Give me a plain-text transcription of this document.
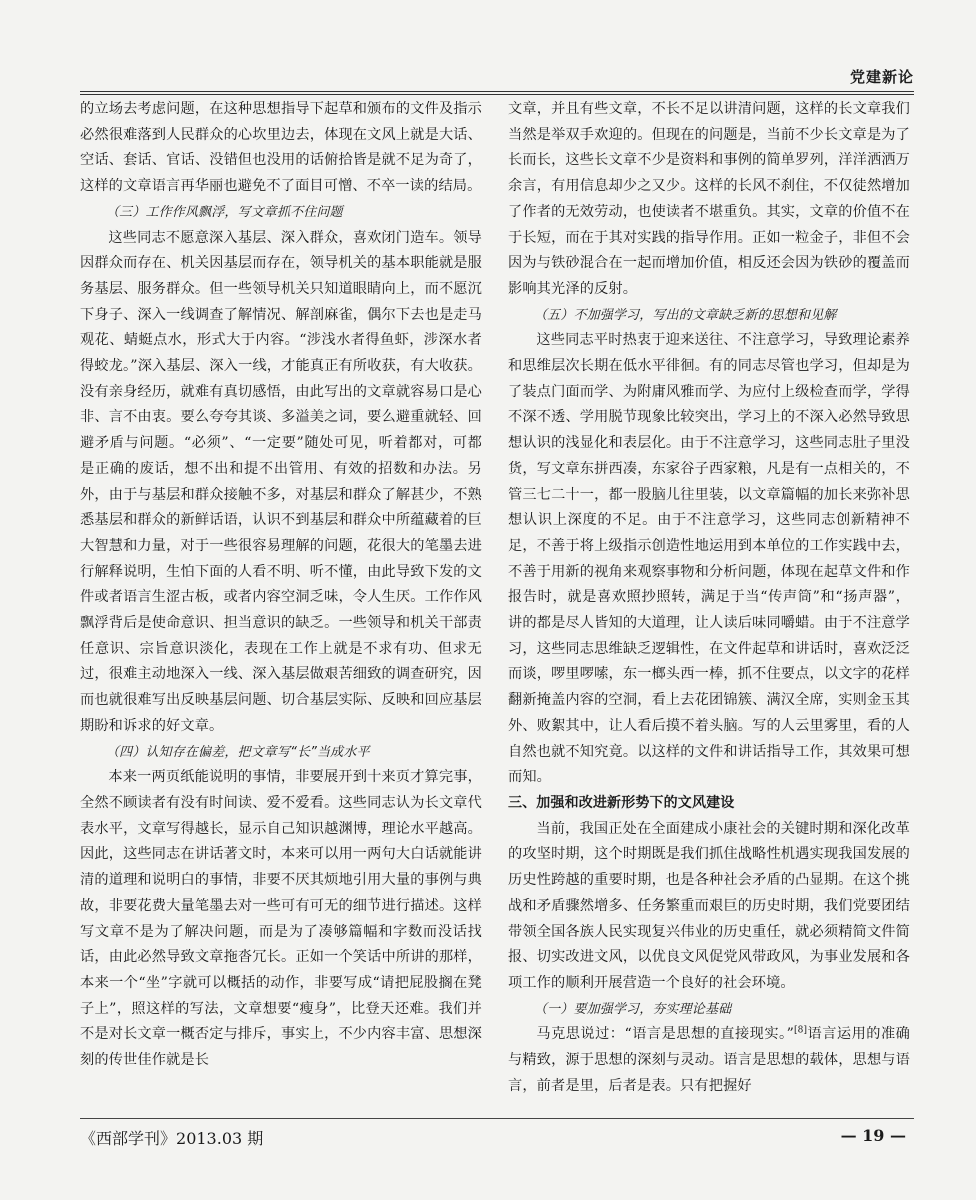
党建新论

的立场去考虑问题，在这种思想指导下起草和颁布的文件及指示必然很难落到人民群众的心坎里边去，体现在文风上就是大话、空话、套话、官话、没错但也没用的话俯拾皆是就不足为奇了，这样的文章语言再华丽也避免不了面目可憎、不卒一读的结局。

（三）工作作风飘浮，写文章抓不住问题

这些同志不愿意深入基层、深入群众，喜欢闭门造车。领导因群众而存在、机关因基层而存在，领导机关的基本职能就是服务基层、服务群众。但一些领导机关只知道眼睛向上，而不愿沉下身子、深入一线调查了解情况、解剖麻雀，偶尔下去也是走马观花、蜻蜓点水，形式大于内容。“涉浅水者得鱼虾，涉深水者得蛟龙。”深入基层、深入一线，才能真正有所收获，有大收获。没有亲身经历，就难有真切感悟，由此写出的文章就容易口是心非、言不由衷。要么夸夸其谈、多溢美之词，要么避重就轻、回避矛盾与问题。“必须”、“一定要”随处可见，听着都对，可都是正确的废话，想不出和提不出管用、有效的招数和办法。另外，由于与基层和群众接触不多，对基层和群众了解甚少，不熟悉基层和群众的新鲜话语，认识不到基层和群众中所蕴藏着的巨大智慧和力量，对于一些很容易理解的问题，花很大的笔墨去进行解释说明，生怕下面的人看不明、听不懂，由此导致下发的文件或者语言生涩古板，或者内容空洞乏味，令人生厌。工作作风飘浮背后是使命意识、担当意识的缺乏。一些领导和机关干部责任意识、宗旨意识淡化，表现在工作上就是不求有功、但求无过，很难主动地深入一线、深入基层做艰苦细致的调查研究，因而也就很难写出反映基层问题、切合基层实际、反映和回应基层期盼和诉求的好文章。

（四）认知存在偏差，把文章写“长”当成水平

本来一两页纸能说明的事情，非要展开到十来页才算完事，全然不顾读者有没有时间读、爱不爱看。这些同志认为长文章代表水平，文章写得越长，显示自己知识越渊博，理论水平越高。因此，这些同志在讲话著文时，本来可以用一两句大白话就能讲清的道理和说明白的事情，非要不厌其烦地引用大量的事例与典故，非要花费大量笔墨去对一些可有可无的细节进行描述。这样写文章不是为了解决问题，而是为了凑够篇幅和字数而没话找话，由此必然导致文章拖沓冗长。正如一个笑话中所讲的那样，本来一个“坐”字就可以概括的动作，非要写成“请把屁股搁在凳子上”，照这样的写法，文章想要“瘦身”，比登天还难。我们并不是对长文章一概否定与排斥，事实上，不少内容丰富、思想深刻的传世佳作就是长

文章，并且有些文章，不长不足以讲清问题，这样的长文章我们当然是举双手欢迎的。但现在的问题是，当前不少长文章是为了长而长，这些长文章不少是资料和事例的简单罗列，洋洋洒洒万余言，有用信息却少之又少。这样的长风不刹住，不仅徒然增加了作者的无效劳动，也使读者不堪重负。其实，文章的价值不在于长短，而在于其对实践的指导作用。正如一粒金子，非但不会因为与铁砂混合在一起而增加价值，相反还会因为铁砂的覆盖而影响其光泽的反射。

（五）不加强学习，写出的文章缺乏新的思想和见解

这些同志平时热衷于迎来送往、不注意学习，导致理论素养和思维层次长期在低水平徘徊。有的同志尽管也学习，但却是为了装点门面而学、为附庸风雅而学、为应付上级检查而学，学得不深不透、学用脱节现象比较突出，学习上的不深入必然导致思想认识的浅显化和表层化。由于不注意学习，这些同志肚子里没货，写文章东拼西凑，东家谷子西家粮，凡是有一点相关的，不管三七二十一，都一股脑儿往里装，以文章篇幅的加长来弥补思想认识上深度的不足。由于不注意学习，这些同志创新精神不足，不善于将上级指示创造性地运用到本单位的工作实践中去，不善于用新的视角来观察事物和分析问题，体现在起草文件和作报告时，就是喜欢照抄照转，满足于当“传声筒”和“扬声器”，讲的都是尽人皆知的大道理，让人读后味同嚼蜡。由于不注意学习，这些同志思维缺乏逻辑性，在文件起草和讲话时，喜欢泛泛而谈，啰里啰嗦，东一榔头西一棒，抓不住要点，以文字的花样翻新掩盖内容的空洞，看上去花团锦簇、满汉全席，实则金玉其外、败絮其中，让人看后摸不着头脑。写的人云里雾里，看的人自然也就不知究竟。以这样的文件和讲话指导工作，其效果可想而知。

三、加强和改进新形势下的文风建设

当前，我国正处在全面建成小康社会的关键时期和深化改革的攻坚时期，这个时期既是我们抓住战略性机遇实现我国发展的历史性跨越的重要时期，也是各种社会矛盾的凸显期。在这个挑战和矛盾骤然增多、任务繁重而艰巨的历史时期，我们党要团结带领全国各族人民实现复兴伟业的历史重任，就必须精简文件简报、切实改进文风，以优良文风促党风带政风，为事业发展和各项工作的顺利开展营造一个良好的社会环境。

（一）要加强学习，夯实理论基础

马克思说过：“语言是思想的直接现实。”[8]语言运用的准确与精致，源于思想的深刻与灵动。语言是思想的载体，思想与语言，前者是里，后者是表。只有把握好

《西部学刊》2013.03 期	— 19 —
